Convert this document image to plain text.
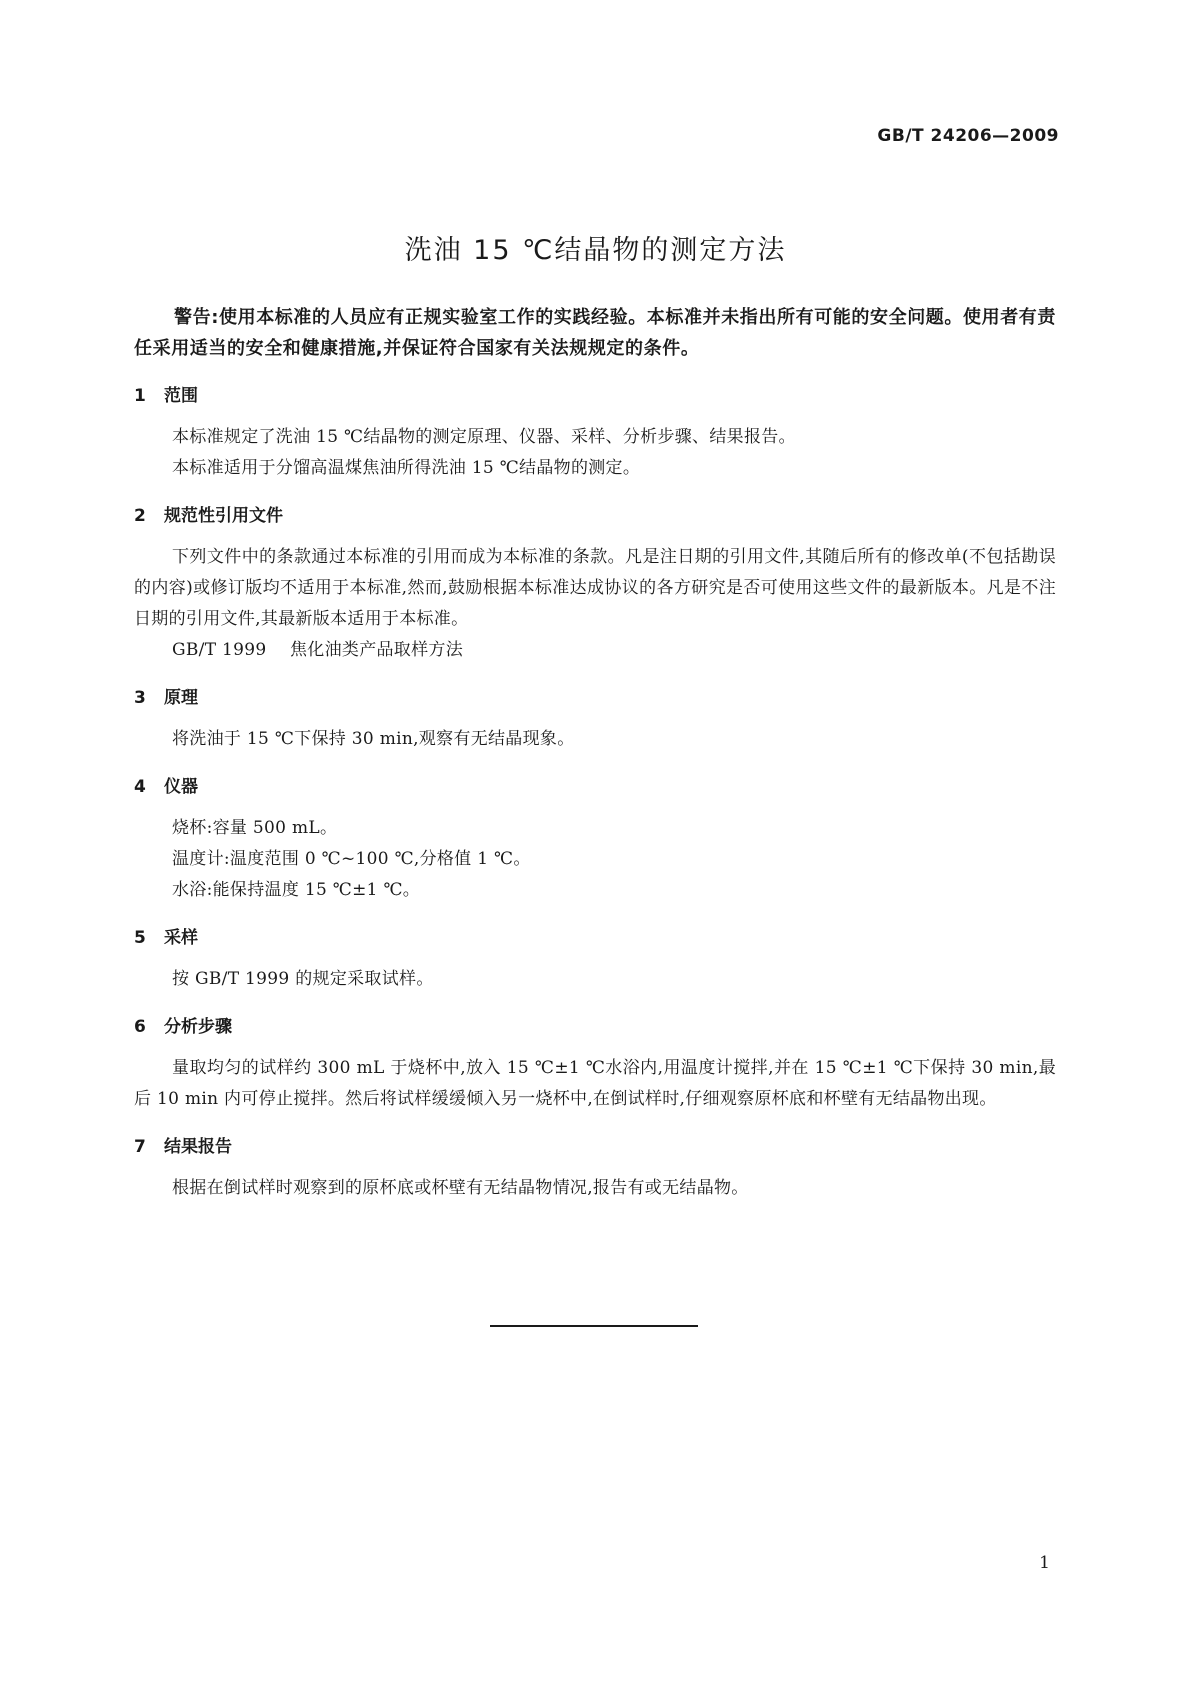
GB/T 24206—2009
洗油 15 ℃结晶物的测定方法

警告:使用本标准的人员应有正规实验室工作的实践经验。本标准并未指出所有可能的安全问题。使用者有责任采用适当的安全和健康措施,并保证符合国家有关法规规定的条件。

1	范围

本标准规定了洗油 15 ℃结晶物的测定原理、仪器、采样、分析步骤、结果报告。

本标准适用于分馏高温煤焦油所得洗油 15 ℃结晶物的测定。

2	规范性引用文件

下列文件中的条款通过本标准的引用而成为本标准的条款。凡是注日期的引用文件,其随后所有的修改单(不包括勘误的内容)或修订版均不适用于本标准,然而,鼓励根据本标准达成协议的各方研究是否可使用这些文件的最新版本。凡是不注日期的引用文件,其最新版本适用于本标准。

GB/T 1999 焦化油类产品取样方法

3	原理

将洗油于 15 ℃下保持 30 min,观察有无结晶现象。

4	仪器

烧杯:容量 500 mL。

温度计:温度范围 0 ℃~100 ℃,分格值 1 ℃。

水浴:能保持温度 15 ℃±1 ℃。

5	采样

按 GB/T 1999 的规定采取试样。

6	分析步骤

量取均匀的试样约 300 mL 于烧杯中,放入 15 ℃±1 ℃水浴内,用温度计搅拌,并在 15 ℃±1 ℃下保持 30 min,最后 10 min 内可停止搅拌。然后将试样缓缓倾入另一烧杯中,在倒试样时,仔细观察原杯底和杯壁有无结晶物出现。

7	结果报告

根据在倒试样时观察到的原杯底或杯壁有无结晶物情况,报告有或无结晶物。

1
